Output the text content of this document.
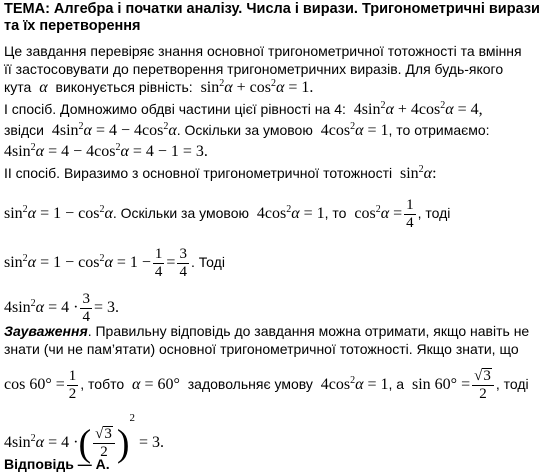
ТЕМА: Алгебра і початки аналізу. Числа і вирази. Тригонометричні вирази
та їх перетворення
Це завдання перевіряє знання основної тригонометричної тотожності та вміння
її застосовувати до перетворення тригонометричних виразів. Для будь-якого
кута  α  виконується рівність:  $\sin^2\alpha + \cos^2\alpha = 1$.
І спосіб. Домножимо обдві частини цієї рівності на 4:  $4\sin^2\alpha + 4\cos^2\alpha = 4$,
звідси  $4\sin^2\alpha = 4 - 4\cos^2\alpha$. Оскільки за умовою  $4\cos^2\alpha = 1$, то отримаємо:
$4\sin^2\alpha = 4 - 4\cos^2\alpha = 4 - 1 = 3$.
ІІ спосіб. Виразимо з основної тригонометричної тотожності  $\sin^2\alpha$:
$\sin^2\alpha = 1 - \cos^2\alpha$. Оскільки за умовою  $4\cos^2\alpha = 1$, то  $\cos^2\alpha = \frac{1}{4}$ , тоді
$\sin^2\alpha = 1 - \cos^2\alpha = 1 - \frac{1}{4} = \frac{3}{4}$ . Тоді
$4\sin^2\alpha = 4 \cdot \frac{3}{4} = 3$.
Зауваження. Правильну відповідь до завдання можна отримати, якщо навіть не
знати (чи не пам’ятати) основної тригонометричної тотожності. Якщо знати, що
$\cos 60^\circ = \frac{1}{2}$ , тобто α = 60°  задовольняє умову  $4\cos^2\alpha = 1$, а  $\sin 60^\circ = \frac{√ 3}{2}$ , тоді
$4\sin^2\alpha = 4$ ·( $\frac{√ 3}{2} )^2 = 3$.
Відповідь — А.
